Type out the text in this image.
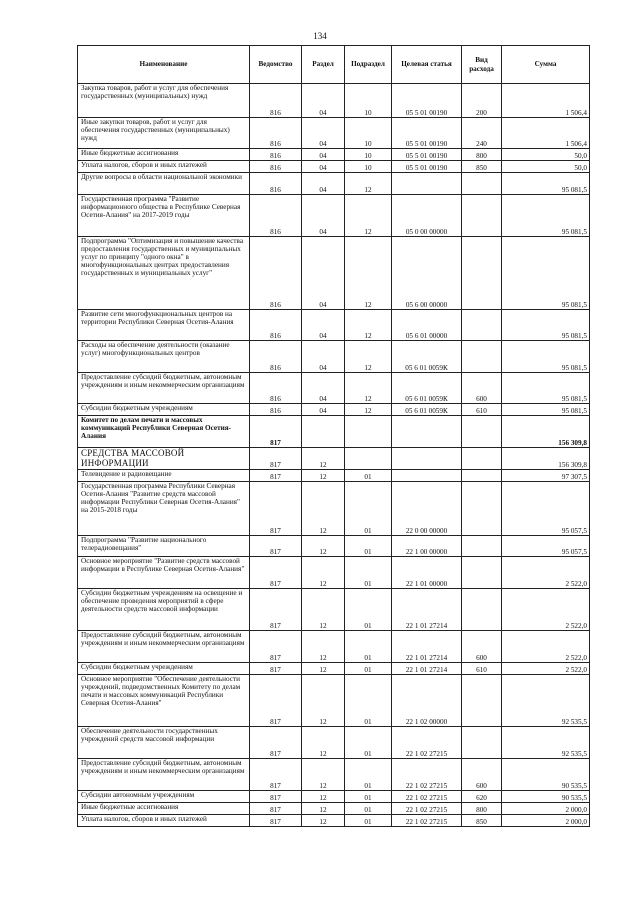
134
Наименование	Ведомство	Раздел	Подраздел	Целевая статья	Вид расхода	Сумма
Закупка товаров, работ и услуг для обеспечения государственных (муниципальных) нужд	816	04	10	05 5 01 00190	200	1 506,4
Иные закупки товаров, работ и услуг для обеспечения государственных (муниципальных) нужд	816	04	10	05 5 01 00190	240	1 506,4
Иные бюджетные ассигнования	816	04	10	05 5 01 00190	800	50,0
Уплата налогов, сборов и иных платежей	816	04	10	05 5 01 00190	850	50,0
Другие вопросы в области национальной экономики	816	04	12			95 081,5
Государственная программа "Развитие информационного общества в Республике Северная Осетия-Алания" на 2017-2019 годы	816	04	12	05 0 00 00000		95 081,5
Подпрограмма "Оптимизация и повышение качества предоставления государственных и муниципальных услуг по принципу "одного окна" в многофункциональных центрах предоставления государственных и муниципальных услуг"	816	04	12	05 6 00 00000		95 081,5
Развитие сети многофункциональных центров на территории Республики Северная Осетия-Алания	816	04	12	05 6 01 00000		95 081,5
Расходы на обеспечение деятельности (оказание услуг) многофункциональных центров	816	04	12	05 6 01 0059К		95 081,5
Предоставление субсидий бюджетным, автономным учреждениям и иным некоммерческим организациям	816	04	12	05 6 01 0059К	600	95 081,5
Субсидии бюджетным учреждениям	816	04	12	05 6 01 0059К	610	95 081,5
Комитет по делам печати и массовых коммуникаций Республики Северная Осетия-Алания	817					156 309,8
СРЕДСТВА МАССОВОЙ ИНФОРМАЦИИ	817	12				156 309,8
Телевидение и радиовещание	817	12	01			97 307,5
Государственная программа Республики Северная Осетия-Алания "Развитие средств массовой информации Республики Северная Осетия-Алания" на 2015-2018 годы	817	12	01	22 0 00 00000		95 057,5
Подпрограмма "Развитие национального телерадиовещания"	817	12	01	22 1 00 00000		95 057,5
Основное мероприятие "Развитие средств массовой информации в Республике Северная Осетия-Алания"	817	12	01	22 1 01 00000		2 522,0
Субсидии бюджетным учреждениям на освещение и обеспечение проведения мероприятий в сфере деятельности средств массовой информации	817	12	01	22 1 01 27214		2 522,0
Предоставление субсидий бюджетным, автономным учреждениям и иным некоммерческим организациям	817	12	01	22 1 01 27214	600	2 522,0
Субсидии бюджетным учреждениям	817	12	01	22 1 01 27214	610	2 522,0
Основное мероприятие "Обеспечение деятельности учреждений, подведомственных Комитету по делам печати и массовых коммуникаций Республики Северная Осетия-Алания"	817	12	01	22 1 02 00000		92 535,5
Обеспечение деятельности государственных учреждений средств массовой информации	817	12	01	22 1 02 27215		92 535,5
Предоставление субсидий бюджетным, автономным учреждениям и иным некоммерческим организациям	817	12	01	22 1 02 27215	600	90 535,5
Субсидии автономным учреждениям	817	12	01	22 1 02 27215	620	90 535,5
Иные бюджетные ассигнования	817	12	01	22 1 02 27215	800	2 000,0
Уплата налогов, сборов и иных платежей	817	12	01	22 1 02 27215	850	2 000,0
